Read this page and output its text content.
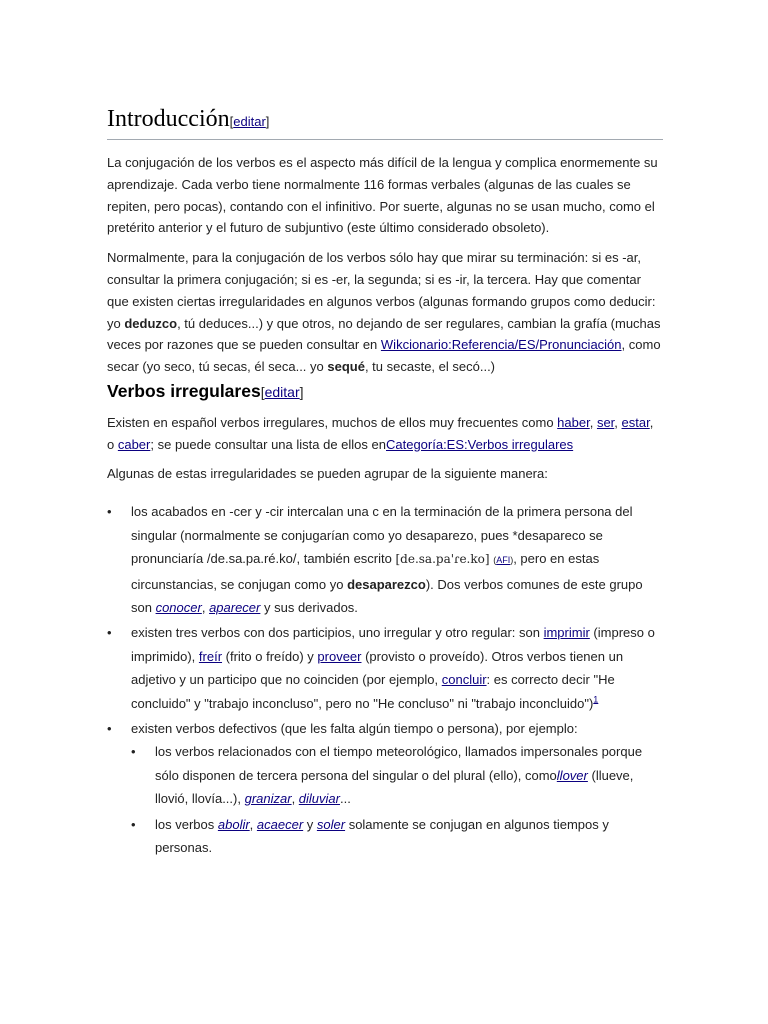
Introducción[editar]

La conjugación de los verbos es el aspecto más difícil de la lengua y complica enormemente su aprendizaje. Cada verbo tiene normalmente 116 formas verbales (algunas de las cuales se repiten, pero pocas), contando con el infinitivo. Por suerte, algunas no se usan mucho, como el pretérito anterior y el futuro de subjuntivo (este último considerado obsoleto).

Normalmente, para la conjugación de los verbos sólo hay que mirar su terminación: si es -ar, consultar la primera conjugación; si es -er, la segunda; si es -ir, la tercera. Hay que comentar que existen ciertas irregularidades en algunos verbos (algunas formando grupos como deducir: yo deduzco, tú deduces...) y que otros, no dejando de ser regulares, cambian la grafía (muchas veces por razones que se pueden consultar en Wikcionario:Referencia/ES/Pronunciación, como secar (yo seco, tú secas, él seca... yo sequé, tu secaste, el secó...)

Verbos irregulares[editar]

Existen en español verbos irregulares, muchos de ellos muy frecuentes como haber, ser, estar, o caber; se puede consultar una lista de ellos enCategoría:ES:Verbos irregulares

Algunas de estas irregularidades se pueden agrupar de la siguiente manera:

• los acabados en -cer y -cir intercalan una c en la terminación de la primera persona del singular (normalmente se conjugarían como yo desaparezo, pues *desapareco se pronunciaría /de.sa.pa.ré.ko/, también escrito [de.sa.pa'ɾe.ko] (AFI), pero en estas circunstancias, se conjugan como yo desaparezco). Dos verbos comunes de este grupo son conocer, aparecer y sus derivados.
• existen tres verbos con dos participios, uno irregular y otro regular: son imprimir (impreso o imprimido), freír (frito o freído) y proveer (provisto o proveído). Otros verbos tienen un adjetivo y un participo que no coinciden (por ejemplo, concluir: es correcto decir "He concluido" y "trabajo inconcluso", pero no "He concluso" ni "trabajo inconcluido")$^1$
• existen verbos defectivos (que les falta algún tiempo o persona), por ejemplo:
• los verbos relacionados con el tiempo meteorológico, llamados impersonales porque sólo disponen de tercera persona del singular o del plural (ello), comollover (llueve, llovió, llovía...), granizar, diluviar...
• los verbos abolir, acaecer y soler solamente se conjugan en algunos tiempos y personas.
